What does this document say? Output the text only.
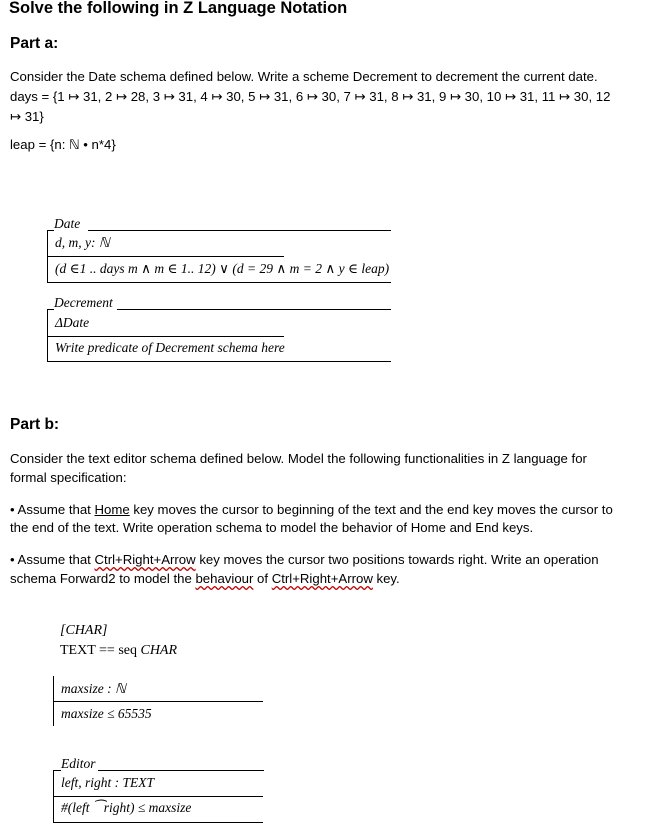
Solve the following in Z Language Notation
Part a:
Consider the Date schema defined below. Write a scheme Decrement to decrement the current date.
days = {1 ↦ 31, 2 ↦ 28, 3 ↦ 31, 4 ↦ 30, 5 ↦ 31, 6 ↦ 30, 7 ↦ 31, 8 ↦ 31, 9 ↦ 30, 10 ↦ 31, 11 ↦ 30, 12
↦ 31}
leap = {n: ℕ • n*4}
Date
d, m, y: ℕ
(d ∈1 .. days m ∧ m ∈ 1.. 12) ∨ (d = 29 ∧ m = 2 ∧ y ∈ leap)
Decrement
ΔDate
Write predicate of Decrement schema here
Part b:
Consider the text editor schema defined below. Model the following functionalities in Z language for
formal specification:
• Assume that Home key moves the cursor to beginning of the text and the end key moves the cursor to
the end of the text. Write operation schema to model the behavior of Home and End keys.
• Assume that Ctrl+Right+Arrow key moves the cursor two positions towards right. Write an operation
schema Forward2 to model the behaviour of Ctrl+Right+Arrow key.
[CHAR]
TEXT == seq CHAR
maxsize : ℕ
maxsize ≤ 65535
Editor
left, right : TEXT
#(left ⁀right) ≤ maxsize
